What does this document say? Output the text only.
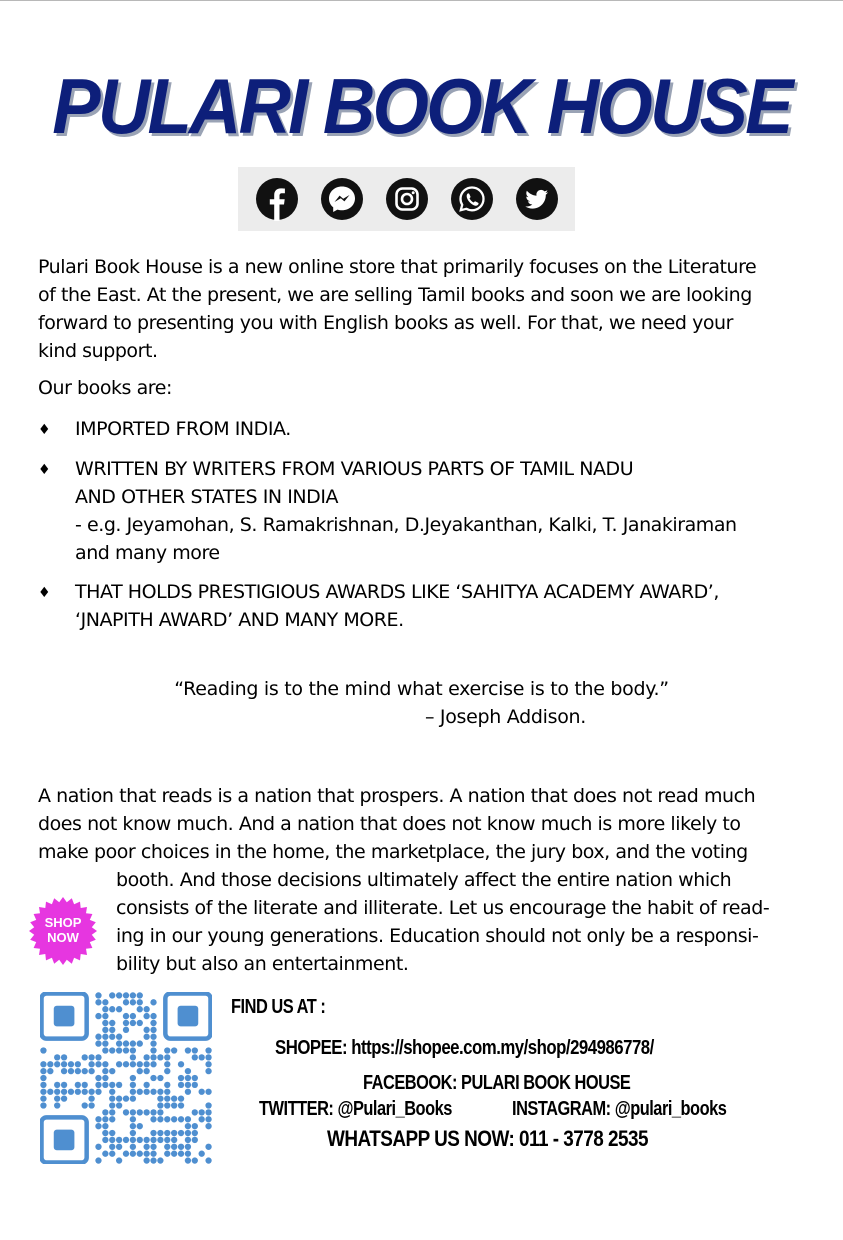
PULARI BOOK HOUSE
Pulari Book House is a new online store that primarily focuses on the Literature
of the East. At the present, we are selling Tamil books and soon we are looking
forward to presenting you with English books as well. For that, we need your
kind support.
Our books are:
♦ IMPORTED FROM INDIA.
♦ WRITTEN BY WRITERS FROM VARIOUS PARTS OF TAMIL NADU
AND OTHER STATES IN INDIA
- e.g. Jeyamohan, S. Ramakrishnan, D.Jeyakanthan, Kalki, T. Janakiraman
and many more
♦ THAT HOLDS PRESTIGIOUS AWARDS LIKE ‘SAHITYA ACADEMY AWARD’,
‘JNAPITH AWARD’ AND MANY MORE.
“Reading is to the mind what exercise is to the body.”
– Joseph Addison.
A nation that reads is a nation that prospers. A nation that does not read much
does not know much. And a nation that does not know much is more likely to
make poor choices in the home, the marketplace, the jury box, and the voting
booth. And those decisions ultimately affect the entire nation which
consists of the literate and illiterate. Let us encourage the habit of read-
ing in our young generations. Education should not only be a responsi-
bility but also an entertainment.
SHOP
NOW
FIND US AT :
SHOPEE: https://shopee.com.my/shop/294986778/
FACEBOOK: PULARI BOOK HOUSE
TWITTER: @Pulari_Books	INSTAGRAM: @pulari_books
WHATSAPP US NOW: 011 - 3778 2535
